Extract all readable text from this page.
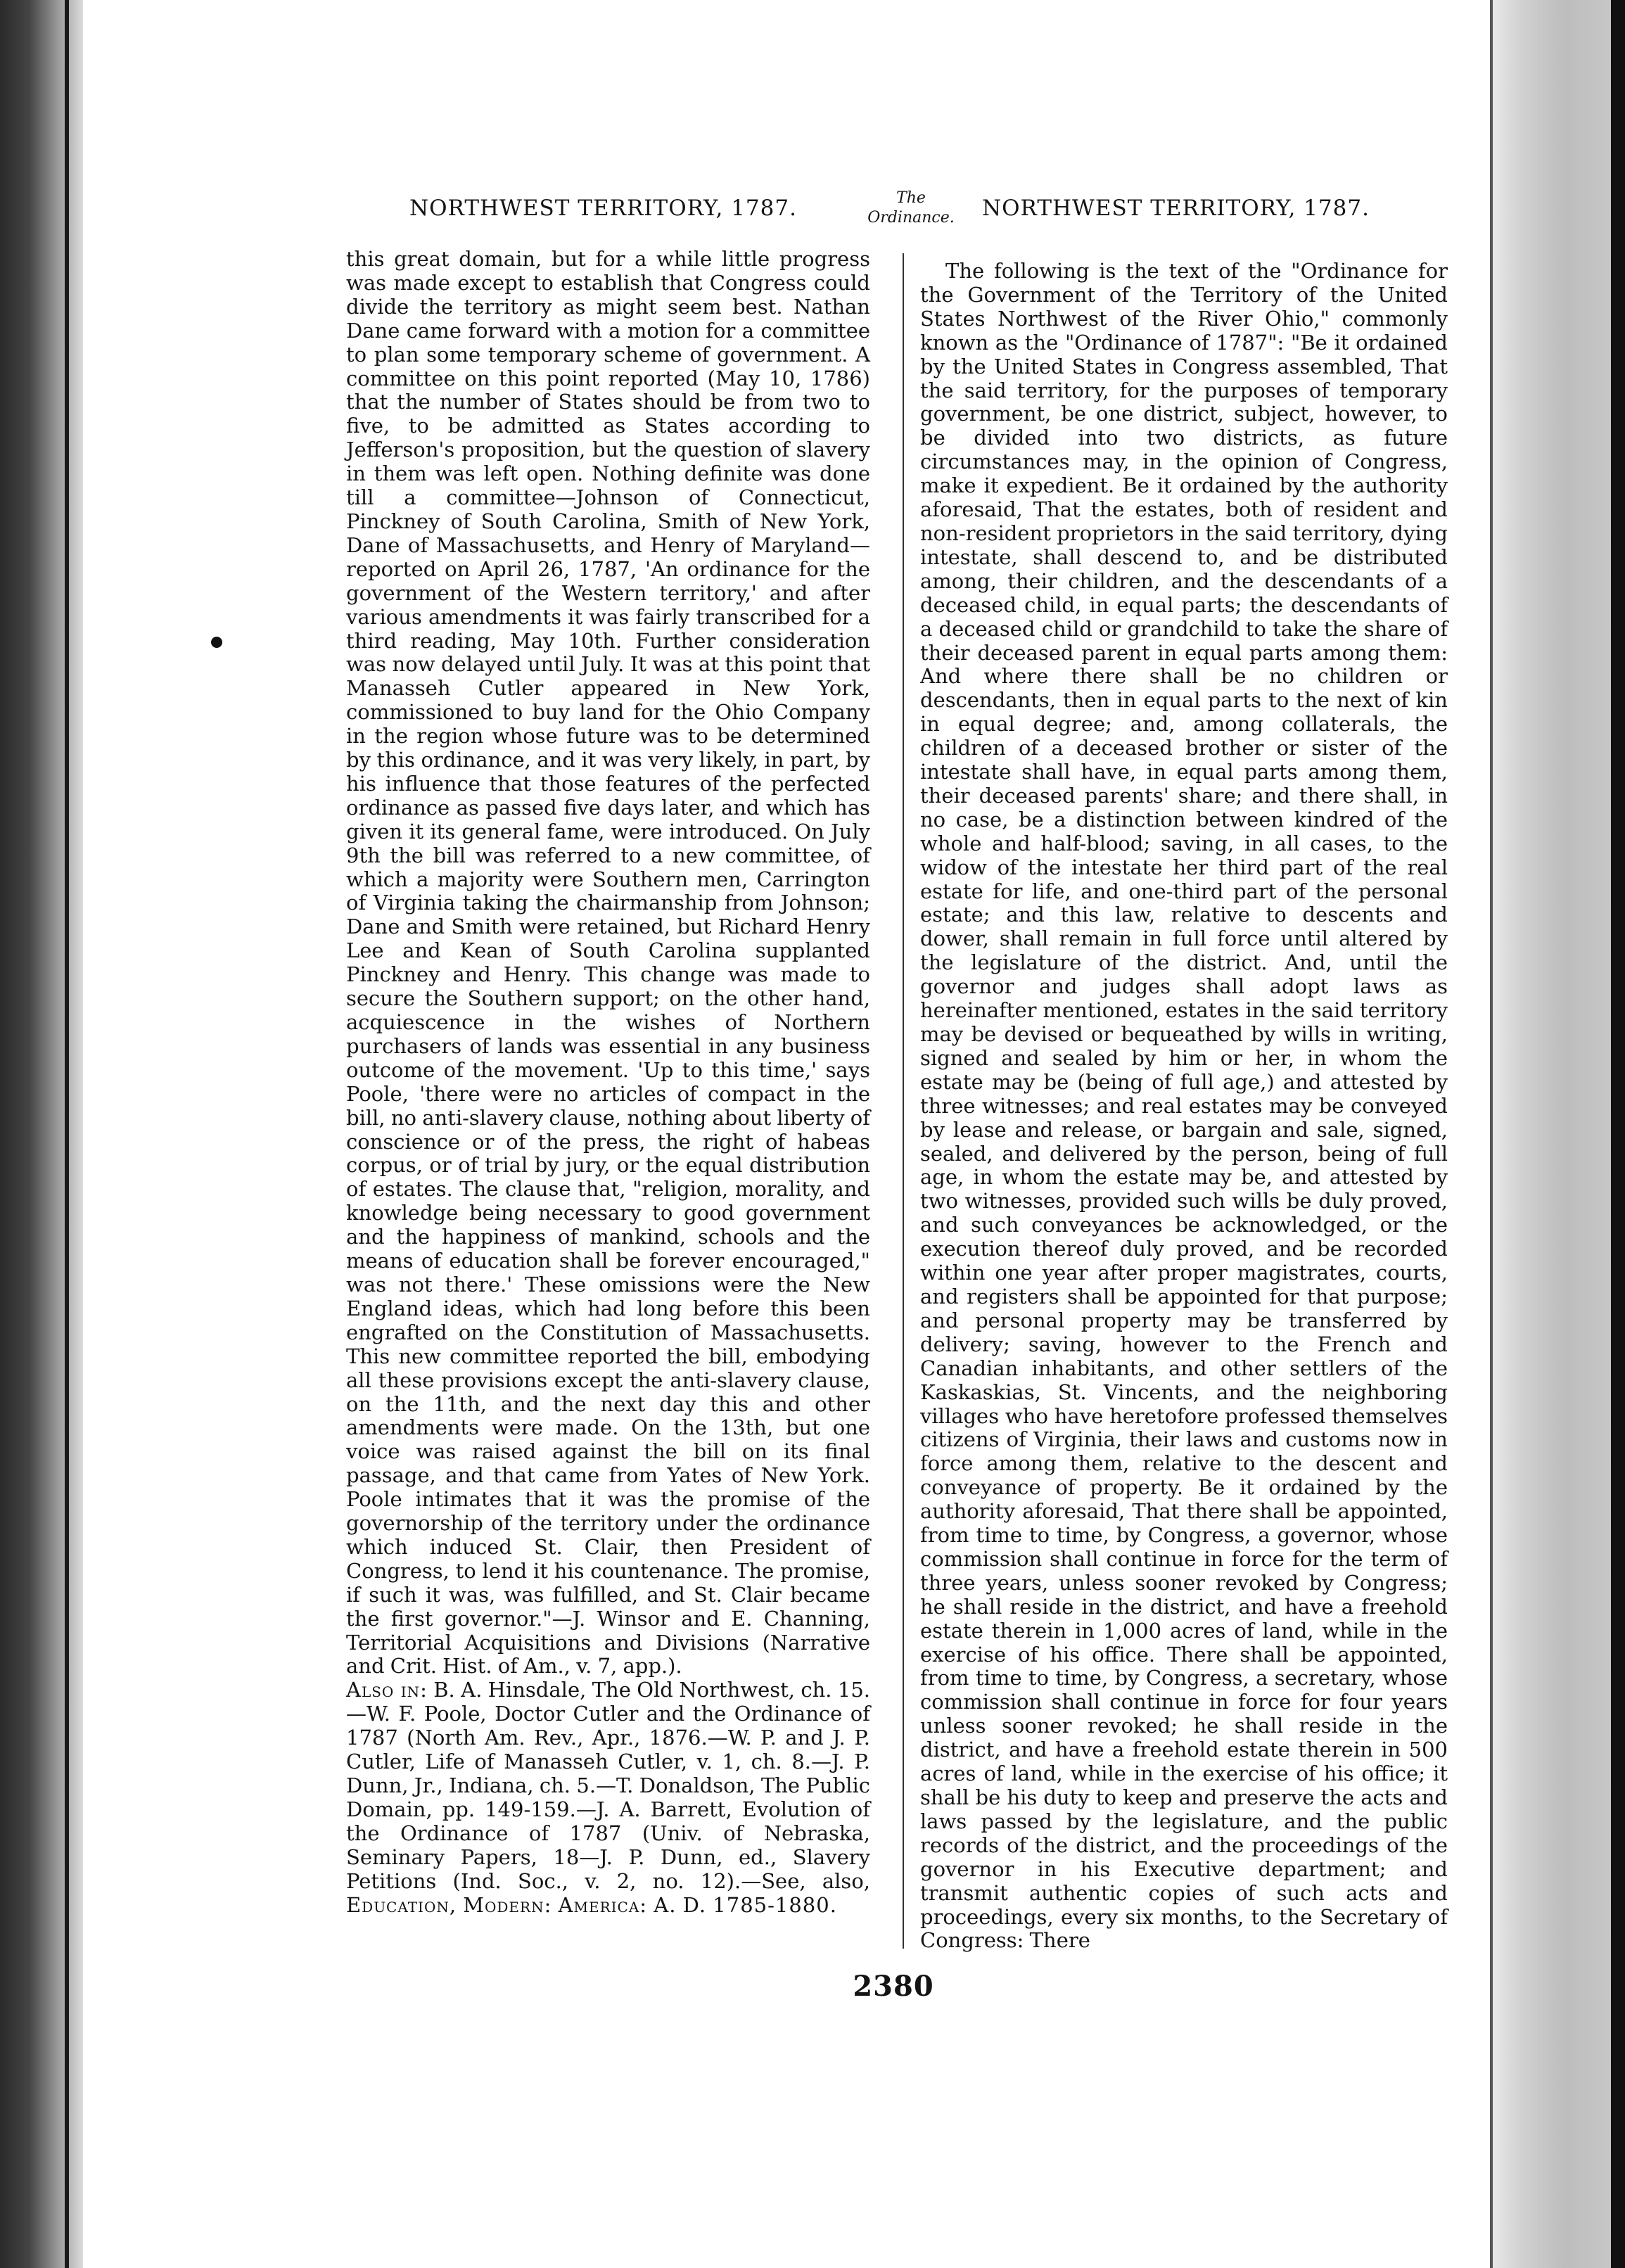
NORTHWEST TERRITORY, 1787.	The Ordinance. NORTHWEST TERRITORY, 1787.

this great domain, but for a while little progress was made except to establish that Congress could divide the territory as might seem best. Nathan Dane came forward with a motion for a committee to plan some temporary scheme of government. A committee on this point reported (May 10, 1786) that the number of States should be from two to five, to be admitted as States according to Jefferson's proposition, but the question of slavery in them was left open. Nothing definite was done till a committee—Johnson of Connecticut, Pinckney of South Carolina, Smith of New York, Dane of Massachusetts, and Henry of Maryland—reported on April 26, 1787, 'An ordinance for the government of the Western territory,' and after various amendments it was fairly transcribed for a third reading, May 10th. Further consideration was now delayed until July. It was at this point that Manasseh Cutler appeared in New York, commissioned to buy land for the Ohio Company in the region whose future was to be determined by this ordinance, and it was very likely, in part, by his influence that those features of the perfected ordinance as passed five days later, and which has given it its general fame, were introduced. On July 9th the bill was referred to a new committee, of which a majority were Southern men, Carrington of Virginia taking the chairmanship from Johnson; Dane and Smith were retained, but Richard Henry Lee and Kean of South Carolina supplanted Pinckney and Henry. This change was made to secure the Southern support; on the other hand, acquiescence in the wishes of Northern purchasers of lands was essential in any business outcome of the movement. 'Up to this time,' says Poole, 'there were no articles of compact in the bill, no anti-slavery clause, nothing about liberty of conscience or of the press, the right of habeas corpus, or of trial by jury, or the equal distribution of estates. The clause that, "religion, morality, and knowledge being necessary to good government and the happiness of mankind, schools and the means of education shall be forever encouraged," was not there.' These omissions were the New England ideas, which had long before this been engrafted on the Constitution of Massachusetts. This new committee reported the bill, embodying all these provisions except the anti-slavery clause, on the 11th, and the next day this and other amendments were made. On the 13th, but one voice was raised against the bill on its final passage, and that came from Yates of New York. Poole intimates that it was the promise of the governorship of the territory under the ordinance which induced St. Clair, then President of Congress, to lend it his countenance. The promise, if such it was, was fulfilled, and St. Clair became the first governor."—J. Winsor and E. Channing, Territorial Acquisitions and Divisions (Narrative and Crit. Hist. of Am., v. 7, app.).

Also in: B. A. Hinsdale, The Old Northwest, ch. 15.—W. F. Poole, Doctor Cutler and the Ordinance of 1787 (North Am. Rev., Apr., 1876.—W. P. and J. P. Cutler, Life of Manasseh Cutler, v. 1, ch. 8.—J. P. Dunn, Jr., Indiana, ch. 5.—T. Donaldson, The Public Domain, pp. 149-159.—J. A. Barrett, Evolution of the Ordinance of 1787 (Univ. of Nebraska, Seminary Papers, 18—J. P. Dunn, ed., Slavery Petitions (Ind. Soc., v. 2, no. 12).—See, also, Education, Modern: America: A. D. 1785-1880.

The following is the text of the "Ordinance for the Government of the Territory of the United States Northwest of the River Ohio," commonly known as the "Ordinance of 1787": "Be it ordained by the United States in Congress assembled, That the said territory, for the purposes of temporary government, be one district, subject, however, to be divided into two districts, as future circumstances may, in the opinion of Congress, make it expedient. Be it ordained by the authority aforesaid, That the estates, both of resident and non-resident proprietors in the said territory, dying intestate, shall descend to, and be distributed among, their children, and the descendants of a deceased child, in equal parts; the descendants of a deceased child or grandchild to take the share of their deceased parent in equal parts among them: And where there shall be no children or descendants, then in equal parts to the next of kin in equal degree; and, among collaterals, the children of a deceased brother or sister of the intestate shall have, in equal parts among them, their deceased parents' share; and there shall, in no case, be a distinction between kindred of the whole and half-blood; saving, in all cases, to the widow of the intestate her third part of the real estate for life, and one-third part of the personal estate; and this law, relative to descents and dower, shall remain in full force until altered by the legislature of the district. And, until the governor and judges shall adopt laws as hereinafter mentioned, estates in the said territory may be devised or bequeathed by wills in writing, signed and sealed by him or her, in whom the estate may be (being of full age,) and attested by three witnesses; and real estates may be conveyed by lease and release, or bargain and sale, signed, sealed, and delivered by the person, being of full age, in whom the estate may be, and attested by two witnesses, provided such wills be duly proved, and such conveyances be acknowledged, or the execution thereof duly proved, and be recorded within one year after proper magistrates, courts, and registers shall be appointed for that purpose; and personal property may be transferred by delivery; saving, however to the French and Canadian inhabitants, and other settlers of the Kaskaskias, St. Vincents, and the neighboring villages who have heretofore professed themselves citizens of Virginia, their laws and customs now in force among them, relative to the descent and conveyance of property. Be it ordained by the authority aforesaid, That there shall be appointed, from time to time, by Congress, a governor, whose commission shall continue in force for the term of three years, unless sooner revoked by Congress; he shall reside in the district, and have a freehold estate therein in 1,000 acres of land, while in the exercise of his office. There shall be appointed, from time to time, by Congress, a secretary, whose commission shall continue in force for four years unless sooner revoked; he shall reside in the district, and have a freehold estate therein in 500 acres of land, while in the exercise of his office; it shall be his duty to keep and preserve the acts and laws passed by the legislature, and the public records of the district, and the proceedings of the governor in his Executive department; and transmit authentic copies of such acts and proceedings, every six months, to the Secretary of Congress: There

2380
